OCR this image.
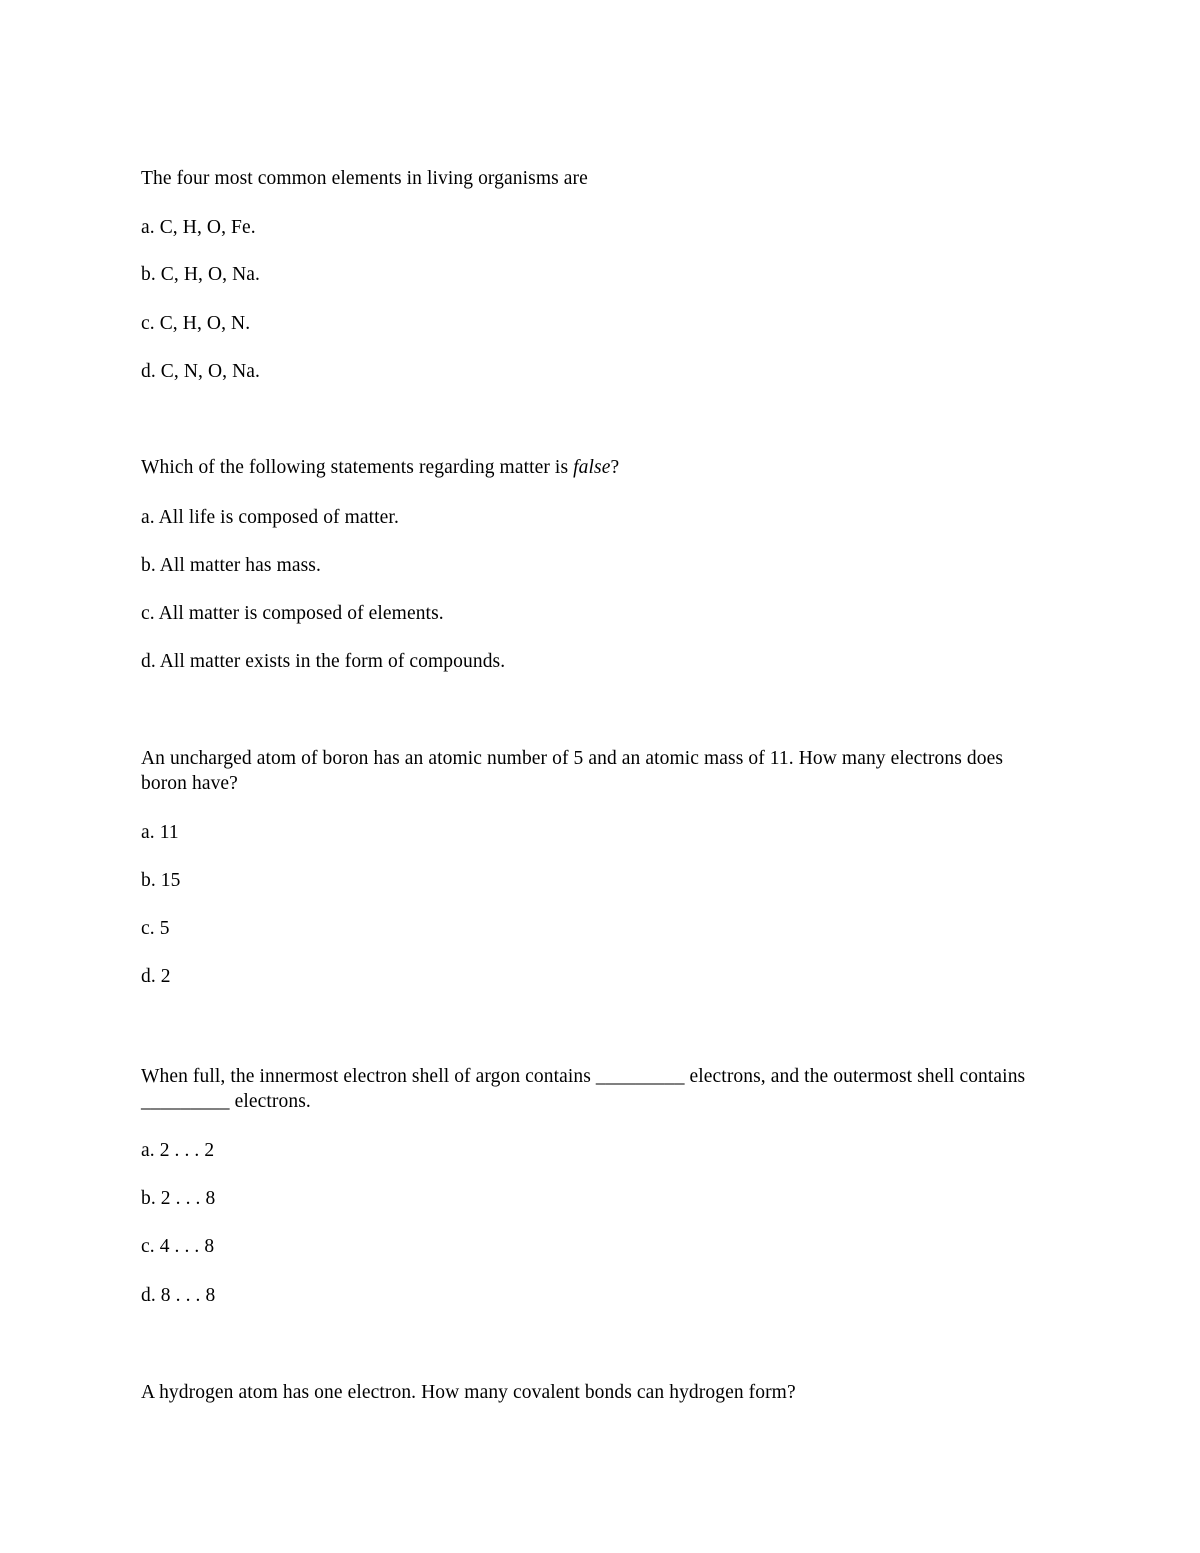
The four most common elements in living organisms are

a. C, H, O, Fe.

b. C, H, O, Na.

c. C, H, O, N.

d. C, N, O, Na.

Which of the following statements regarding matter is false?

a. All life is composed of matter.

b. All matter has mass.

c. All matter is composed of elements.

d. All matter exists in the form of compounds.

An uncharged atom of boron has an atomic number of 5 and an atomic mass of 11. How many electrons does boron have?

a. 11

b. 15

c. 5

d. 2

When full, the innermost electron shell of argon contains _________ electrons, and the outermost shell contains _________ electrons.

a. 2 . . . 2

b. 2 . . . 8

c. 4 . . . 8

d. 8 . . . 8

A hydrogen atom has one electron. How many covalent bonds can hydrogen form?
